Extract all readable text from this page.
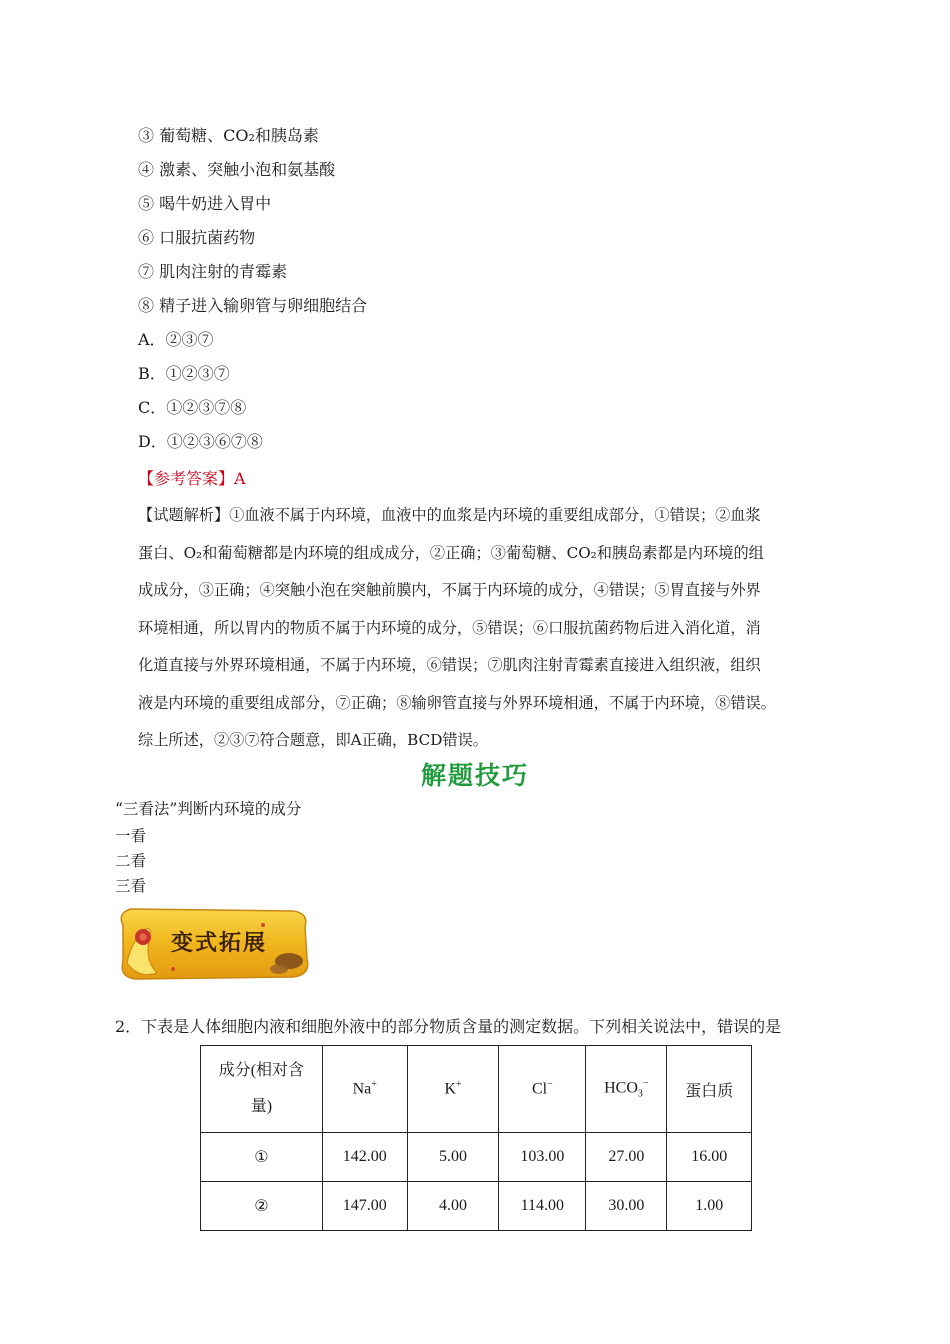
③ 葡萄糖、CO₂和胰岛素
④ 激素、突触小泡和氨基酸
⑤ 喝牛奶进入胃中
⑥ 口服抗菌药物
⑦ 肌肉注射的青霉素
⑧ 精子进入输卵管与卵细胞结合
A．②③⑦
B．①②③⑦
C．①②③⑦⑧
D．①②③⑥⑦⑧
【参考答案】A

【试题解析】①血液不属于内环境，血液中的血浆是内环境的重要组成部分，①错误；②血浆

蛋白、O₂和葡萄糖都是内环境的组成成分，②正确；③葡萄糖、CO₂和胰岛素都是内环境的组

成成分，③正确；④突触小泡在突触前膜内，不属于内环境的成分，④错误；⑤胃直接与外界

环境相通，所以胃内的物质不属于内环境的成分，⑤错误；⑥口服抗菌药物后进入消化道，消

化道直接与外界环境相通，不属于内环境，⑥错误；⑦肌肉注射青霉素直接进入组织液，组织

液是内环境的重要组成部分，⑦正确；⑧输卵管直接与外界环境相通，不属于内环境，⑧错误。

综上所述，②③⑦符合题意，即A正确，BCD错误。

解题技巧
“三看法”判断内环境的成分
一看
二看
三看
变式拓展
2．下表是人体细胞内液和细胞外液中的部分物质含量的测定数据。下列相关说法中，错误的是
成分(相对含
量)	Na+	K+	Cl−	$HCO_3^-$	蛋白质
①	142.00	5.00	103.00	27.00	16.00
②	147.00	4.00	114.00	30.00	1.00
